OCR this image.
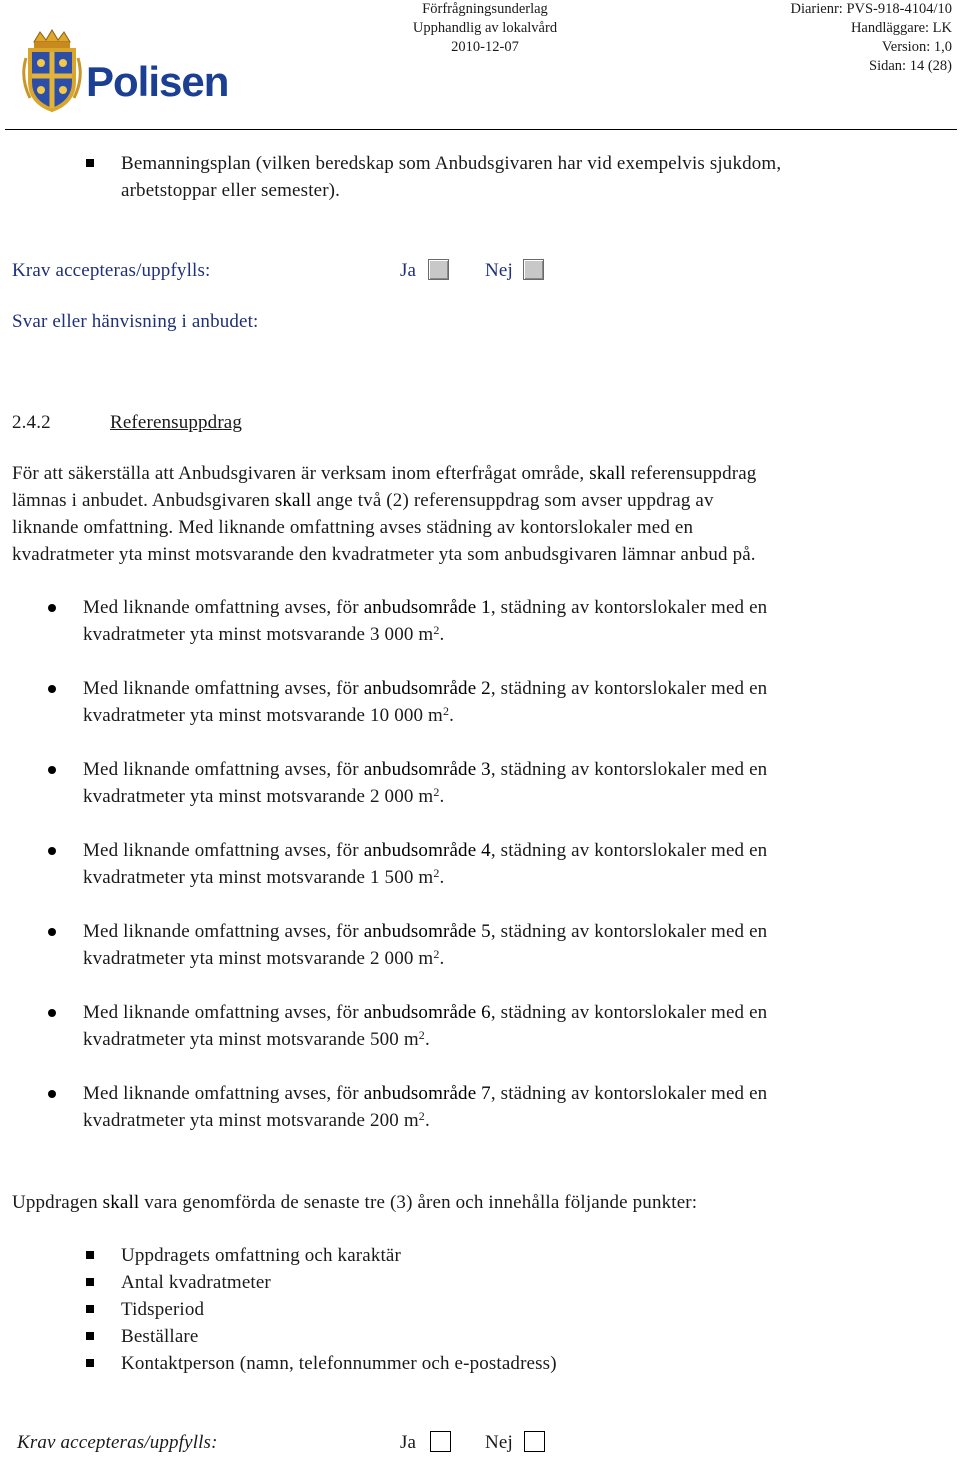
Polisen
Förfrågningsunderlag
Upphandlig av lokalvård
2010-12-07
Diarienr: PVS-918-4104/10
Handläggare: LK
Version: 1,0
Sidan: 14 (28)
Bemanningsplan (vilken beredskap som Anbudsgivaren har vid exempelvis sjukdom,
arbetstoppar eller semester).
Krav accepteras/uppfylls:	Ja	Nej
Svar eller hänvisning i anbudet:
2.4.2	Referensuppdrag
För att säkerställa att Anbudsgivaren är verksam inom efterfrågat område, skall referensuppdrag
lämnas i anbudet. Anbudsgivaren skall ange två (2) referensuppdrag som avser uppdrag av
liknande omfattning. Med liknande omfattning avses städning av kontorslokaler med en
kvadratmeter yta minst motsvarande den kvadratmeter yta som anbudsgivaren lämnar anbud på.
Med liknande omfattning avses, för anbudsområde 1, städning av kontorslokaler med en
kvadratmeter yta minst motsvarande 3 000 $m^2$.
Med liknande omfattning avses, för anbudsområde 2, städning av kontorslokaler med en
kvadratmeter yta minst motsvarande 10 000 $m^2$.
Med liknande omfattning avses, för anbudsområde 3, städning av kontorslokaler med en
kvadratmeter yta minst motsvarande 2 000 $m^2$.
Med liknande omfattning avses, för anbudsområde 4, städning av kontorslokaler med en
kvadratmeter yta minst motsvarande 1 500 $m^2$.
Med liknande omfattning avses, för anbudsområde 5, städning av kontorslokaler med en
kvadratmeter yta minst motsvarande 2 000 $m^2$.
Med liknande omfattning avses, för anbudsområde 6, städning av kontorslokaler med en
kvadratmeter yta minst motsvarande 500 $m^2$.
Med liknande omfattning avses, för anbudsområde 7, städning av kontorslokaler med en
kvadratmeter yta minst motsvarande 200 $m^2$.
Uppdragen skall vara genomförda de senaste tre (3) åren och innehålla följande punkter:
Uppdragets omfattning och karaktär
Antal kvadratmeter
Tidsperiod
Beställare
Kontaktperson (namn, telefonnummer och e-postadress)
Krav accepteras/uppfylls:	Ja	Nej
